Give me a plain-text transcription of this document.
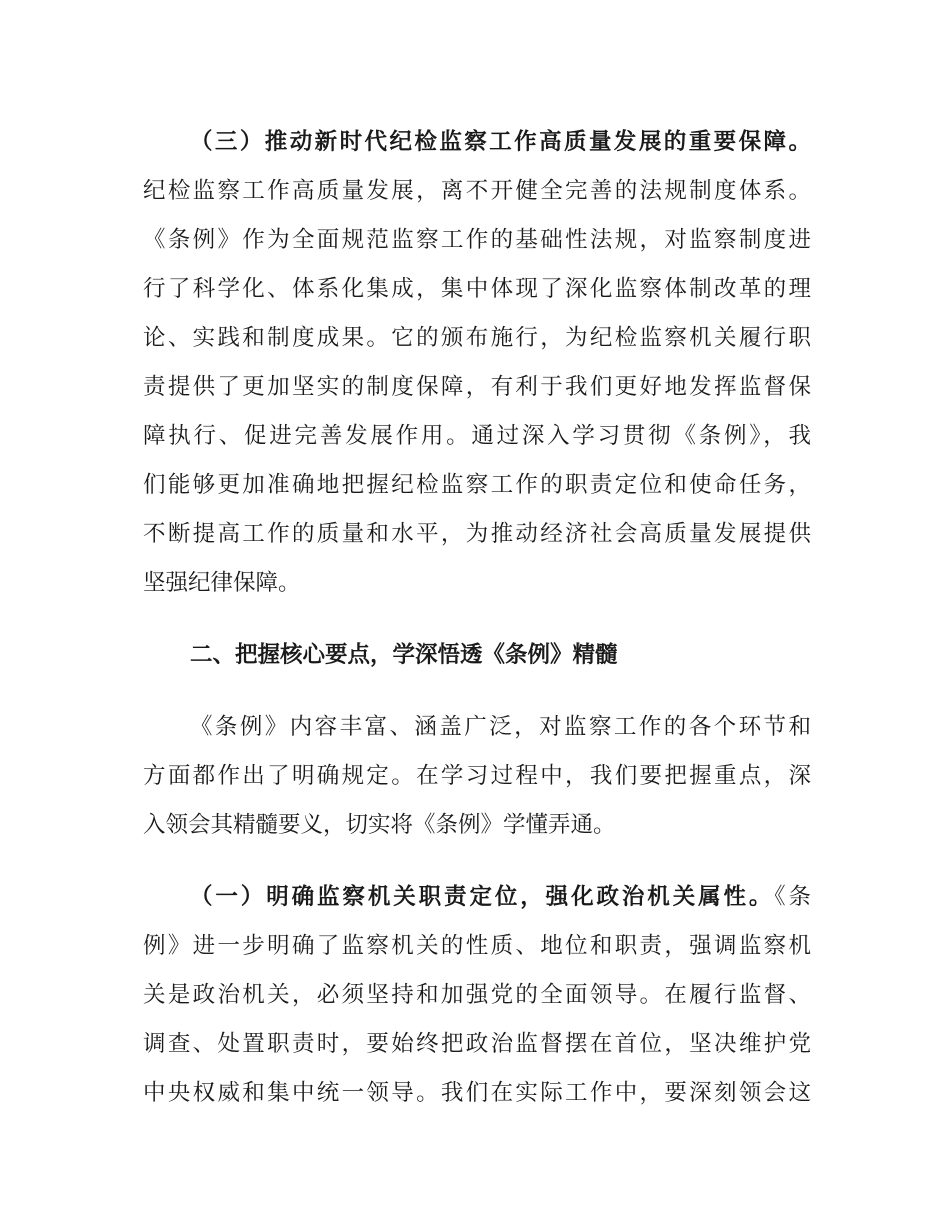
（三）推动新时代纪检监察工作高质量发展的重要保障。
纪检监察工作高质量发展，离不开健全完善的法规制度体系。
《条例》作为全面规范监察工作的基础性法规，对监察制度进
行了科学化、体系化集成，集中体现了深化监察体制改革的理
论、实践和制度成果。它的颁布施行，为纪检监察机关履行职
责提供了更加坚实的制度保障，有利于我们更好地发挥监督保
障执行、促进完善发展作用。通过深入学习贯彻《条例》，我
们能够更加准确地把握纪检监察工作的职责定位和使命任务，
不断提高工作的质量和水平，为推动经济社会高质量发展提供
坚强纪律保障。
二、把握核心要点，学深悟透《条例》精髓
《条例》内容丰富、涵盖广泛，对监察工作的各个环节和
方面都作出了明确规定。在学习过程中，我们要把握重点，深
入领会其精髓要义，切实将《条例》学懂弄通。
（一）明确监察机关职责定位，强化政治机关属性。《条
例》进一步明确了监察机关的性质、地位和职责，强调监察机
关是政治机关，必须坚持和加强党的全面领导。在履行监督、
调查、处置职责时，要始终把政治监督摆在首位，坚决维护党
中央权威和集中统一领导。我们在实际工作中，要深刻领会这
